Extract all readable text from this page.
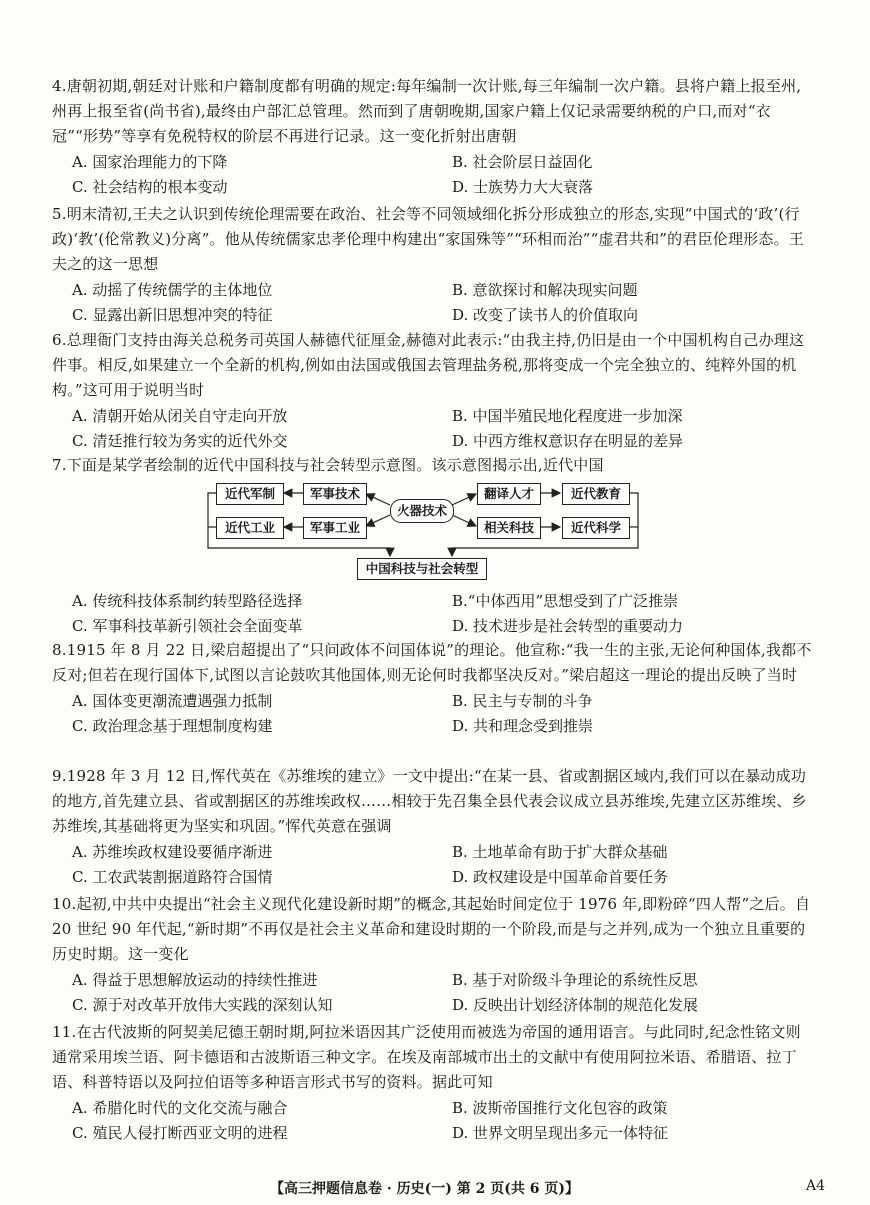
4.唐朝初期,朝廷对计账和户籍制度都有明确的规定:每年编制一次计账,每三年编制一次户籍。县将户籍上报至州,州再上报至省(尚书省),最终由户部汇总管理。然而到了唐朝晚期,国家户籍上仅记录需要纳税的户口,而对“衣冠”“形势”等享有免税特权的阶层不再进行记录。这一变化折射出唐朝
A. 国家治理能力的下降	B. 社会阶层日益固化
C. 社会结构的根本变动	D. 士族势力大大衰落
5.明末清初,王夫之认识到传统伦理需要在政治、社会等不同领域细化拆分形成独立的形态,实现“中国式的‘政’(行政)‘教’(伦常教义)分离”。他从传统儒家忠孝伦理中构建出“家国殊等”“环相而治”“虚君共和”的君臣伦理形态。王夫之的这一思想
A. 动摇了传统儒学的主体地位	B. 意欲探讨和解决现实问题
C. 显露出新旧思想冲突的特征	D. 改变了读书人的价值取向
6.总理衙门支持由海关总税务司英国人赫德代征厘金,赫德对此表示:“由我主持,仍旧是由一个中国机构自己办理这件事。相反,如果建立一个全新的机构,例如由法国或俄国去管理盐务税,那将变成一个完全独立的、纯粹外国的机构。”这可用于说明当时
A. 清朝开始从闭关自守走向开放	B. 中国半殖民地化程度进一步加深
C. 清廷推行较为务实的近代外交	D. 中西方维权意识存在明显的差异
7.下面是某学者绘制的近代中国科技与社会转型示意图。该示意图揭示出,近代中国
近代军制	军事技术
近代工业	军事工业
火器技术
翻译人才	近代教育
相关科技	近代科学
中国科技与社会转型
A. 传统科技体系制约转型路径选择	B.“中体西用”思想受到了广泛推崇
C. 军事科技革新引领社会全面变革	D. 技术进步是社会转型的重要动力
8.1915 年 8 月 22 日,梁启超提出了“只问政体不问国体说”的理论。他宣称:“我一生的主张,无论何种国体,我都不反对;但若在现行国体下,试图以言论鼓吹其他国体,则无论何时我都坚决反对。”梁启超这一理论的提出反映了当时
A. 国体变更潮流遭遇强力抵制	B. 民主与专制的斗争
C. 政治理念基于理想制度构建	D. 共和理念受到推崇
9.1928 年 3 月 12 日,恽代英在《苏维埃的建立》一文中提出:“在某一县、省或割据区域内,我们可以在暴动成功的地方,首先建立县、省或割据区的苏维埃政权……相较于先召集全县代表会议成立县苏维埃,先建立区苏维埃、乡苏维埃,其基础将更为坚实和巩固。”恽代英意在强调
A. 苏维埃政权建设要循序渐进	B. 土地革命有助于扩大群众基础
C. 工农武装割据道路符合国情	D. 政权建设是中国革命首要任务
10.起初,中共中央提出“社会主义现代化建设新时期”的概念,其起始时间定位于 1976 年,即粉碎“四人帮”之后。自 20 世纪 90 年代起,“新时期”不再仅是社会主义革命和建设时期的一个阶段,而是与之并列,成为一个独立且重要的历史时期。这一变化
A. 得益于思想解放运动的持续性推进	B. 基于对阶级斗争理论的系统性反思
C. 源于对改革开放伟大实践的深刻认知	D. 反映出计划经济体制的规范化发展
11.在古代波斯的阿契美尼德王朝时期,阿拉米语因其广泛使用而被选为帝国的通用语言。与此同时,纪念性铭文则通常采用埃兰语、阿卡德语和古波斯语三种文字。在埃及南部城市出土的文献中有使用阿拉米语、希腊语、拉丁语、科普特语以及阿拉伯语等多种语言形式书写的资料。据此可知
A. 希腊化时代的文化交流与融合	B. 波斯帝国推行文化包容的政策
C. 殖民人侵打断西亚文明的进程	D. 世界文明呈现出多元一体特征
【高三押题信息卷 · 历史(一) 第 2 页(共 6 页)】	A4
